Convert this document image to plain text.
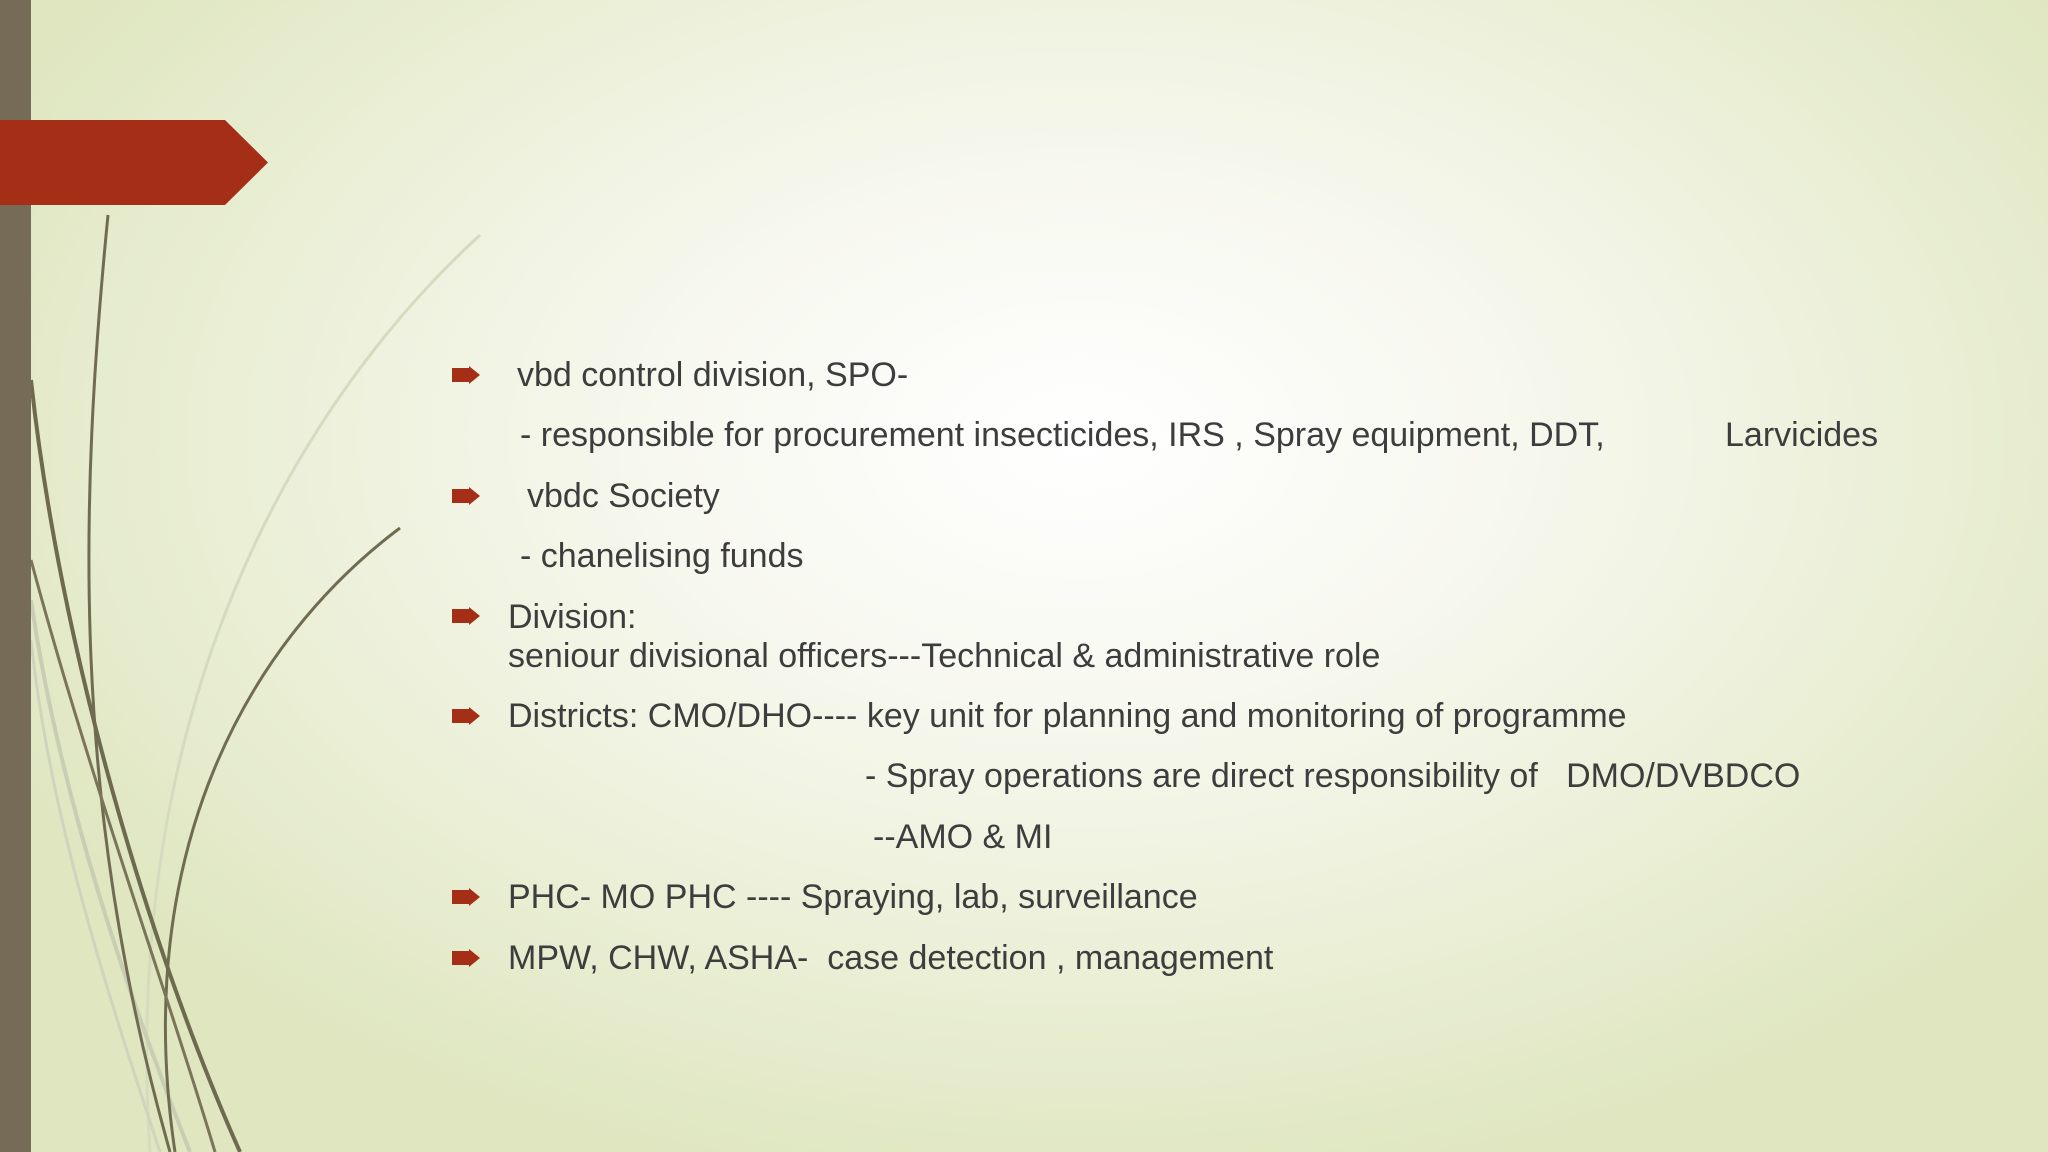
vbd control division, SPO-
- responsible for procurement insecticides, IRS , Spray equipment, DDT,	Larvicides
vbdc Society
- chanelising funds
Division:
seniour divisional officers---Technical & administrative role
Districts: CMO/DHO---- key unit for planning and monitoring of programme
- Spray operations are direct responsibility of   DMO/DVBDCO
--AMO & MI
PHC- MO PHC ---- Spraying, lab, surveillance
MPW, CHW, ASHA-  case detection , management
